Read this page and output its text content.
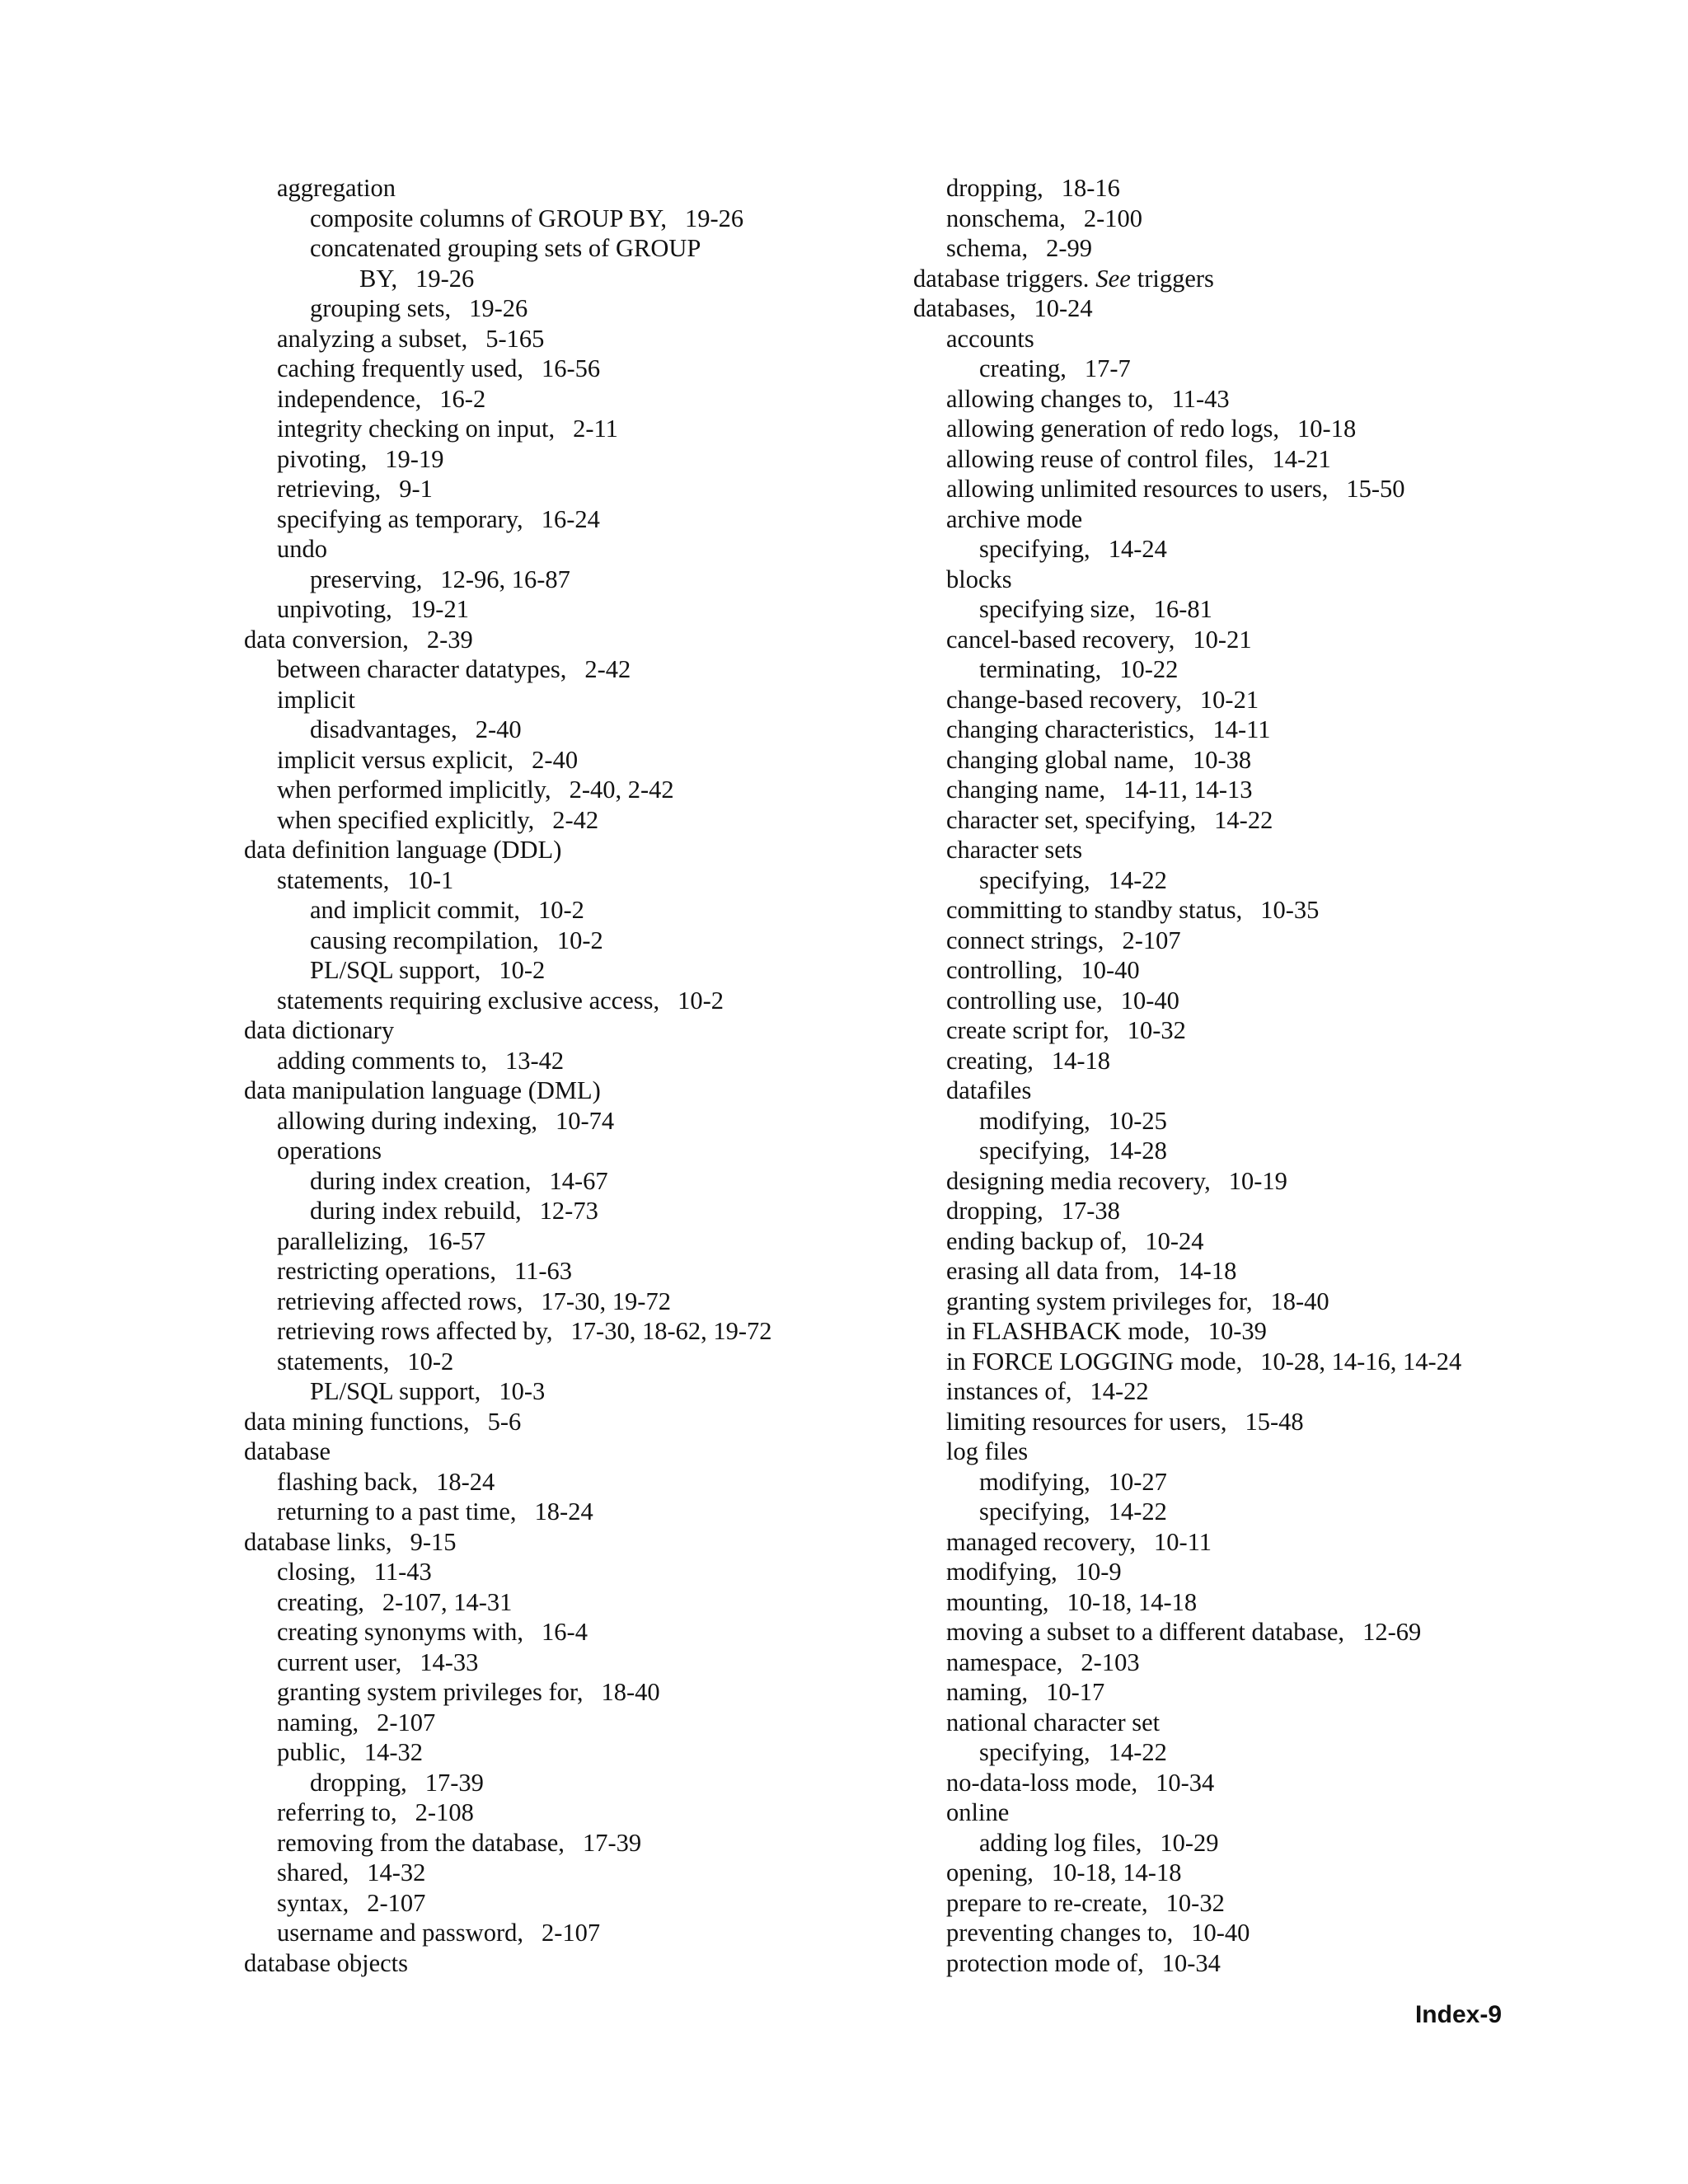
aggregation
composite columns of GROUP BY, 19-26
concatenated grouping sets of GROUP
BY, 19-26
grouping sets, 19-26
analyzing a subset, 5-165
caching frequently used, 16-56
independence, 16-2
integrity checking on input, 2-11
pivoting, 19-19
retrieving, 9-1
specifying as temporary, 16-24
undo
preserving, 12-96, 16-87
unpivoting, 19-21
data conversion, 2-39
between character datatypes, 2-42
implicit
disadvantages, 2-40
implicit versus explicit, 2-40
when performed implicitly, 2-40, 2-42
when specified explicitly, 2-42
data definition language (DDL)
statements, 10-1
and implicit commit, 10-2
causing recompilation, 10-2
PL/SQL support, 10-2
statements requiring exclusive access, 10-2
data dictionary
adding comments to, 13-42
data manipulation language (DML)
allowing during indexing, 10-74
operations
during index creation, 14-67
during index rebuild, 12-73
parallelizing, 16-57
restricting operations, 11-63
retrieving affected rows, 17-30, 19-72
retrieving rows affected by, 17-30, 18-62, 19-72
statements, 10-2
PL/SQL support, 10-3
data mining functions, 5-6
database
flashing back, 18-24
returning to a past time, 18-24
database links, 9-15
closing, 11-43
creating, 2-107, 14-31
creating synonyms with, 16-4
current user, 14-33
granting system privileges for, 18-40
naming, 2-107
public, 14-32
dropping, 17-39
referring to, 2-108
removing from the database, 17-39
shared, 14-32
syntax, 2-107
username and password, 2-107
database objects
dropping, 18-16
nonschema, 2-100
schema, 2-99
database triggers. See triggers
databases, 10-24
accounts
creating, 17-7
allowing changes to, 11-43
allowing generation of redo logs, 10-18
allowing reuse of control files, 14-21
allowing unlimited resources to users, 15-50
archive mode
specifying, 14-24
blocks
specifying size, 16-81
cancel-based recovery, 10-21
terminating, 10-22
change-based recovery, 10-21
changing characteristics, 14-11
changing global name, 10-38
changing name, 14-11, 14-13
character set, specifying, 14-22
character sets
specifying, 14-22
committing to standby status, 10-35
connect strings, 2-107
controlling, 10-40
controlling use, 10-40
create script for, 10-32
creating, 14-18
datafiles
modifying, 10-25
specifying, 14-28
designing media recovery, 10-19
dropping, 17-38
ending backup of, 10-24
erasing all data from, 14-18
granting system privileges for, 18-40
in FLASHBACK mode, 10-39
in FORCE LOGGING mode, 10-28, 14-16, 14-24
instances of, 14-22
limiting resources for users, 15-48
log files
modifying, 10-27
specifying, 14-22
managed recovery, 10-11
modifying, 10-9
mounting, 10-18, 14-18
moving a subset to a different database, 12-69
namespace, 2-103
naming, 10-17
national character set
specifying, 14-22
no-data-loss mode, 10-34
online
adding log files, 10-29
opening, 10-18, 14-18
prepare to re-create, 10-32
preventing changes to, 10-40
protection mode of, 10-34
Index-9
